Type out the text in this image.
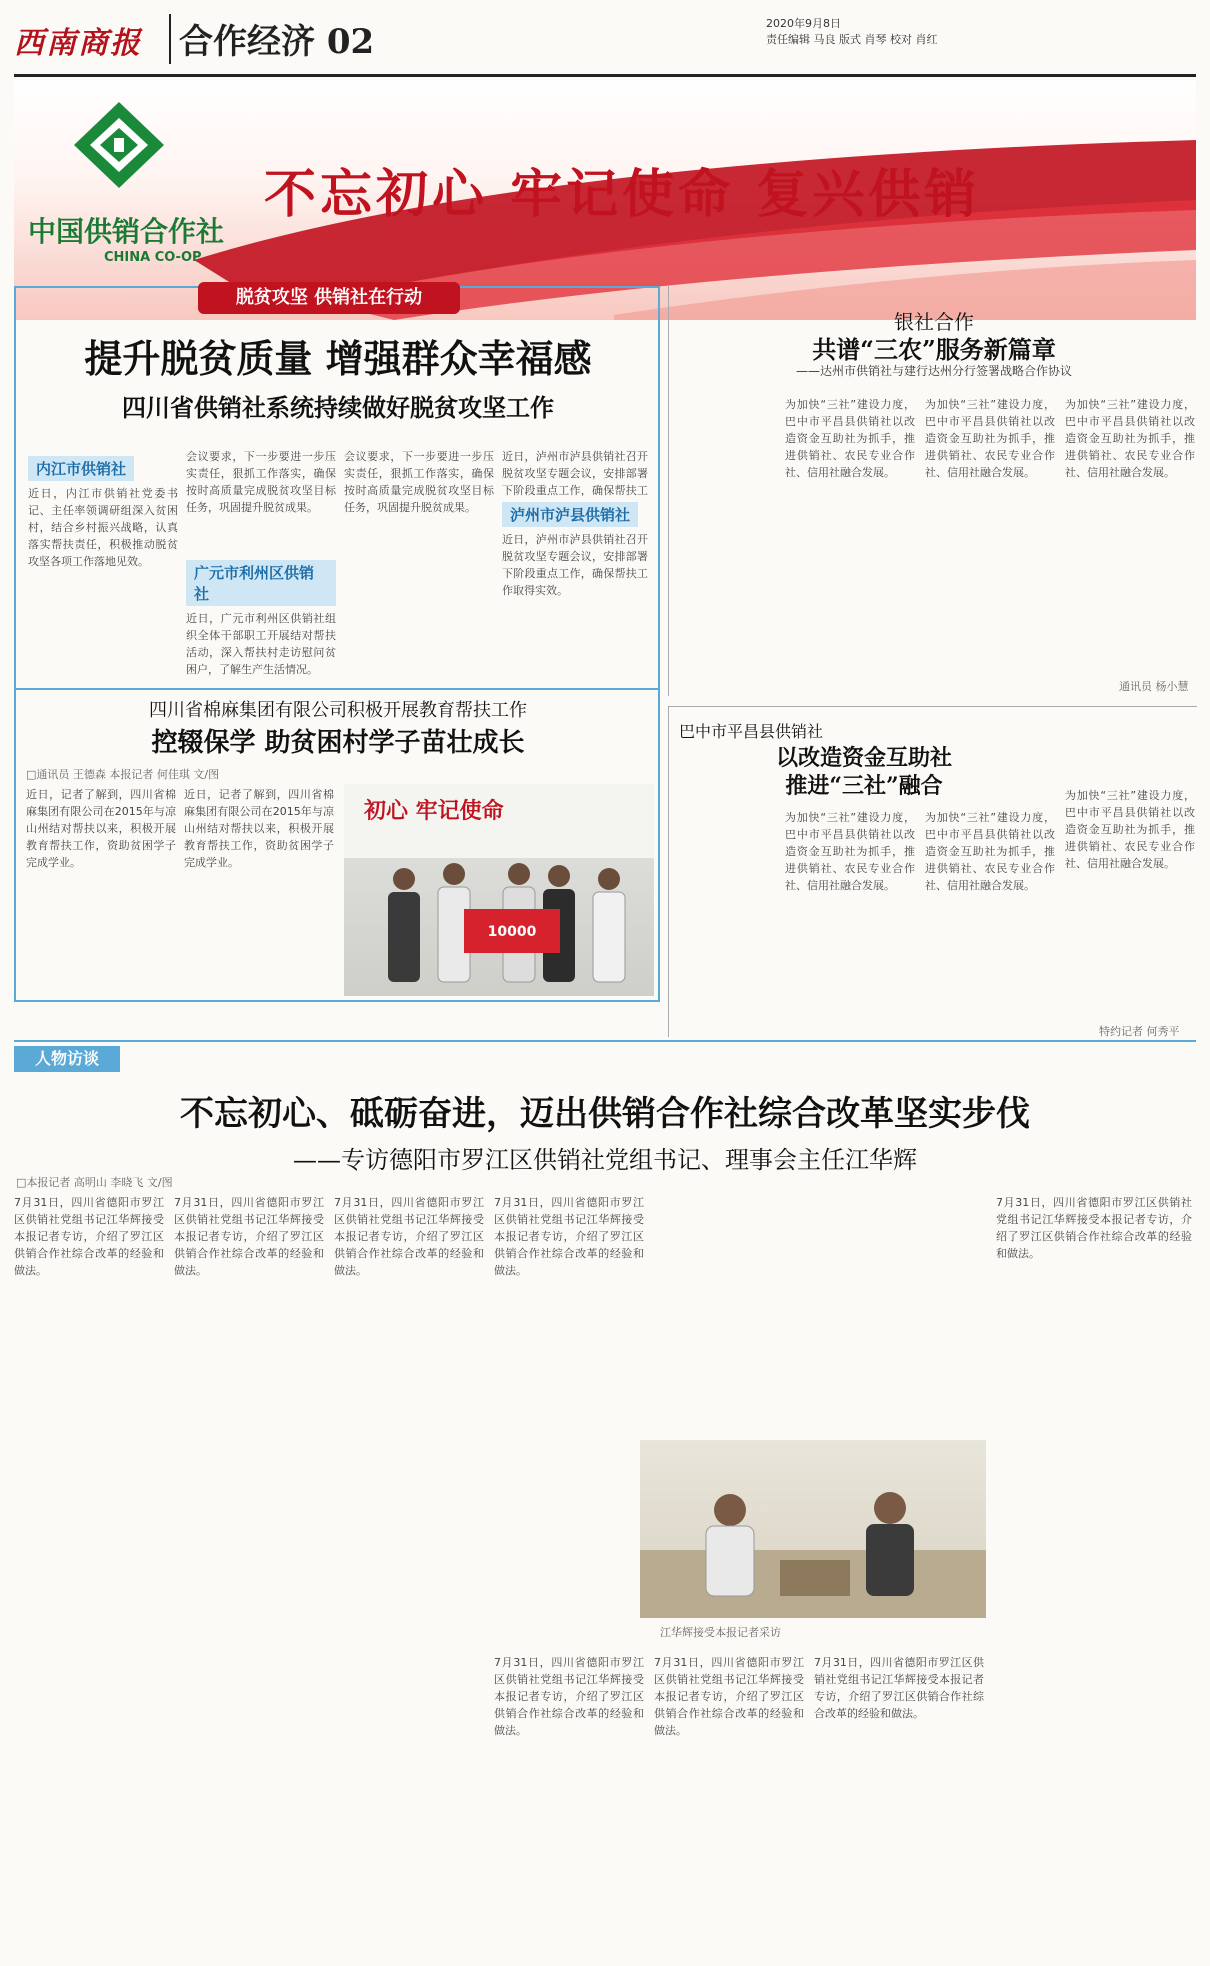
西南商报 合作经济 02	2020年9月8日
责任编辑 马良 版式 肖琴 校对 肖红
中国供销合作社
CHINA CO-OP
不忘初心 牢记使命 复兴供销
脱贫攻坚 供销社在行动
提升脱贫质量 增强群众幸福感
四川省供销社系统持续做好脱贫攻坚工作
内江市供销社
近日，内江市供销社党委书记、主任率领调研组深入贫困村，结合乡村振兴战略，认真落实帮扶责任，积极推动脱贫攻坚各项工作落地见效。
会议要求，下一步要进一步压实责任，狠抓工作落实，确保按时高质量完成脱贫攻坚目标任务，巩固提升脱贫成果。
广元市利州区供销社
近日，广元市利州区供销社组织全体干部职工开展结对帮扶活动，深入帮扶村走访慰问贫困户，了解生产生活情况。
会议要求，下一步要进一步压实责任，狠抓工作落实，确保按时高质量完成脱贫攻坚目标任务，巩固提升脱贫成果。
近日，泸州市泸县供销社召开脱贫攻坚专题会议，安排部署下阶段重点工作，确保帮扶工
泸州市泸县供销社
近日，泸州市泸县供销社召开脱贫攻坚专题会议，安排部署下阶段重点工作，确保帮扶工作取得实效。
四川省棉麻集团有限公司积极开展教育帮扶工作
控辍保学 助贫困村学子苗壮成长
□通讯员 王德森 本报记者 何佳琪 文/图
近日，记者了解到，四川省棉麻集团有限公司在2015年与凉山州结对帮扶以来，积极开展教育帮扶工作，资助贫困学子完成学业。
近日，记者了解到，四川省棉麻集团有限公司在2015年与凉山州结对帮扶以来，积极开展教育帮扶工作，资助贫困学子完成学业。
初心 牢记使命
10000
银社合作
共谱“三农”服务新篇章
——达州市供销社与建行达州分行签署战略合作协议
为加快“三社”建设力度，巴中市平昌县供销社以改造资金互助社为抓手，推进供销社、农民专业合作社、信用社融合发展。
为加快“三社”建设力度，巴中市平昌县供销社以改造资金互助社为抓手，推进供销社、农民专业合作社、信用社融合发展。
为加快“三社”建设力度，巴中市平昌县供销社以改造资金互助社为抓手，推进供销社、农民专业合作社、信用社融合发展。
通讯员 杨小慧
巴中市平昌县供销社
以改造资金互助社
推进“三社”融合
为加快“三社”建设力度，巴中市平昌县供销社以改造资金互助社为抓手，推进供销社、农民专业合作社、信用社融合发展。
为加快“三社”建设力度，巴中市平昌县供销社以改造资金互助社为抓手，推进供销社、农民专业合作社、信用社融合发展。
为加快“三社”建设力度，巴中市平昌县供销社以改造资金互助社为抓手，推进供销社、农民专业合作社、信用社融合发展。
特约记者 何秀平
人物访谈
不忘初心、砥砺奋进，迈出供销合作社综合改革坚实步伐
——专访德阳市罗江区供销社党组书记、理事会主任江华辉
□本报记者 高明山 李晓飞 文/图
7月31日，四川省德阳市罗江区供销社党组书记江华辉接受本报记者专访，介绍了罗江区供销合作社综合改革的经验和做法。
7月31日，四川省德阳市罗江区供销社党组书记江华辉接受本报记者专访，介绍了罗江区供销合作社综合改革的经验和做法。
7月31日，四川省德阳市罗江区供销社党组书记江华辉接受本报记者专访，介绍了罗江区供销合作社综合改革的经验和做法。
7月31日，四川省德阳市罗江区供销社党组书记江华辉接受本报记者专访，介绍了罗江区供销合作社综合改革的经验和做法。
江华辉接受本报记者采访
7月31日，四川省德阳市罗江区供销社党组书记江华辉接受本报记者专访，介绍了罗江区供销合作社综合改革的经验和做法。
7月31日，四川省德阳市罗江区供销社党组书记江华辉接受本报记者专访，介绍了罗江区供销合作社综合改革的经验和做法。
7月31日，四川省德阳市罗江区供销社党组书记江华辉接受本报记者专访，介绍了罗江区供销合作社综合改革的经验和做法。
7月31日，四川省德阳市罗江区供销社党组书记江华辉接受本报记者专访，介绍了罗江区供销合作社综合改革的经验和做法。
